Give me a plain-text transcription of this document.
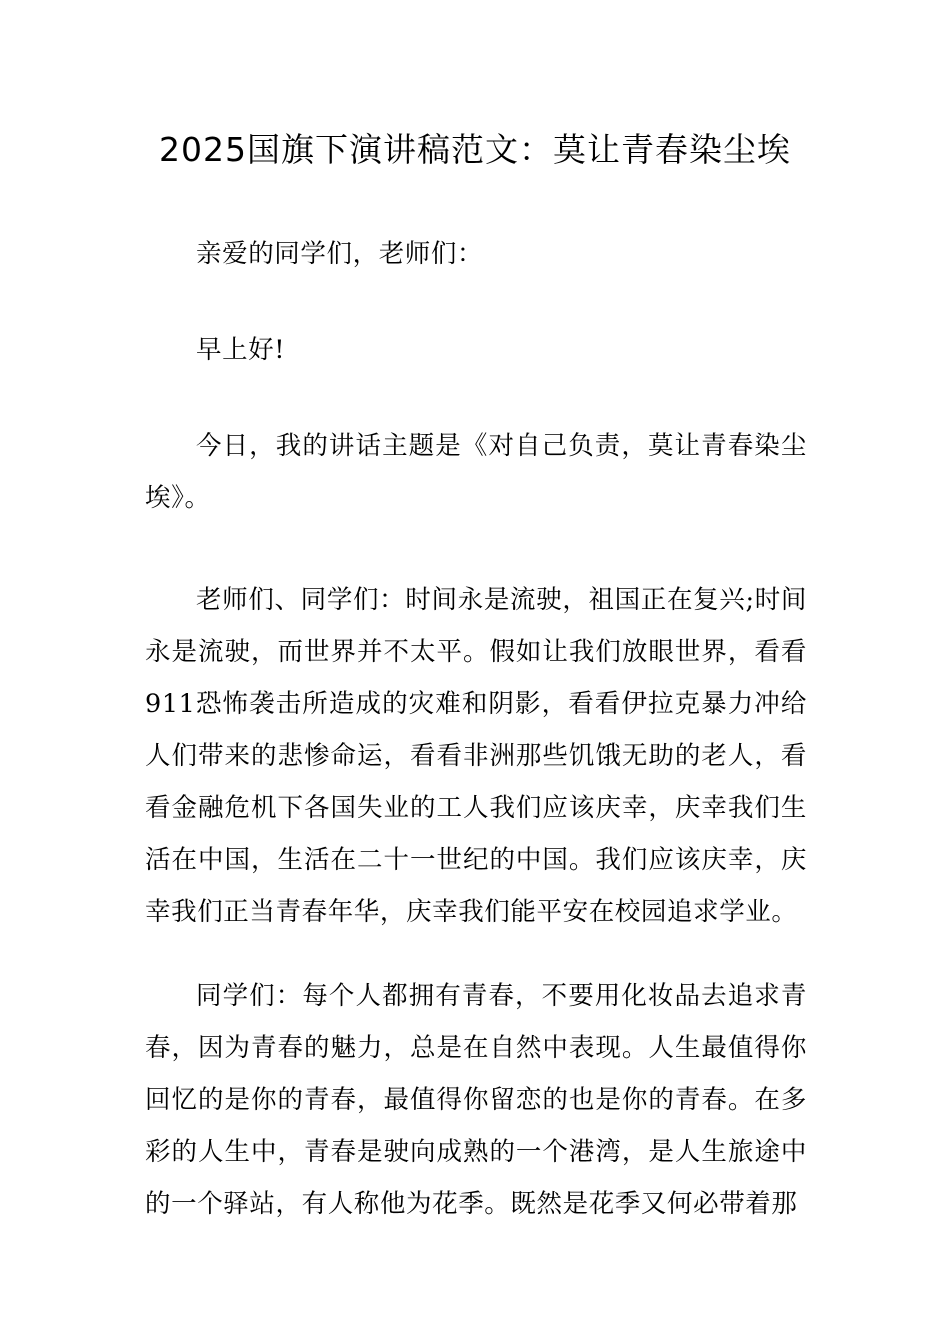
2025国旗下演讲稿范文：莫让青春染尘埃

亲爱的同学们，老师们：

早上好!

今日，我的讲话主题是《对自己负责，莫让青春染尘埃》。

老师们、同学们：时间永是流驶，祖国正在复兴;时间永是流驶，而世界并不太平。假如让我们放眼世界，看看911恐怖袭击所造成的灾难和阴影，看看伊拉克暴力冲给人们带来的悲惨命运，看看非洲那些饥饿无助的老人，看看金融危机下各国失业的工人我们应该庆幸，庆幸我们生活在中国，生活在二十一世纪的中国。我们应该庆幸，庆幸我们正当青春年华，庆幸我们能平安在校园追求学业。

同学们：每个人都拥有青春，不要用化妆品去追求青春，因为青春的魅力，总是在自然中表现。人生最值得你回忆的是你的青春，最值得你留恋的也是你的青春。在多彩的人生中，青春是驶向成熟的一个港湾，是人生旅途中的一个驿站，有人称他为花季。既然是花季又何必带着那
